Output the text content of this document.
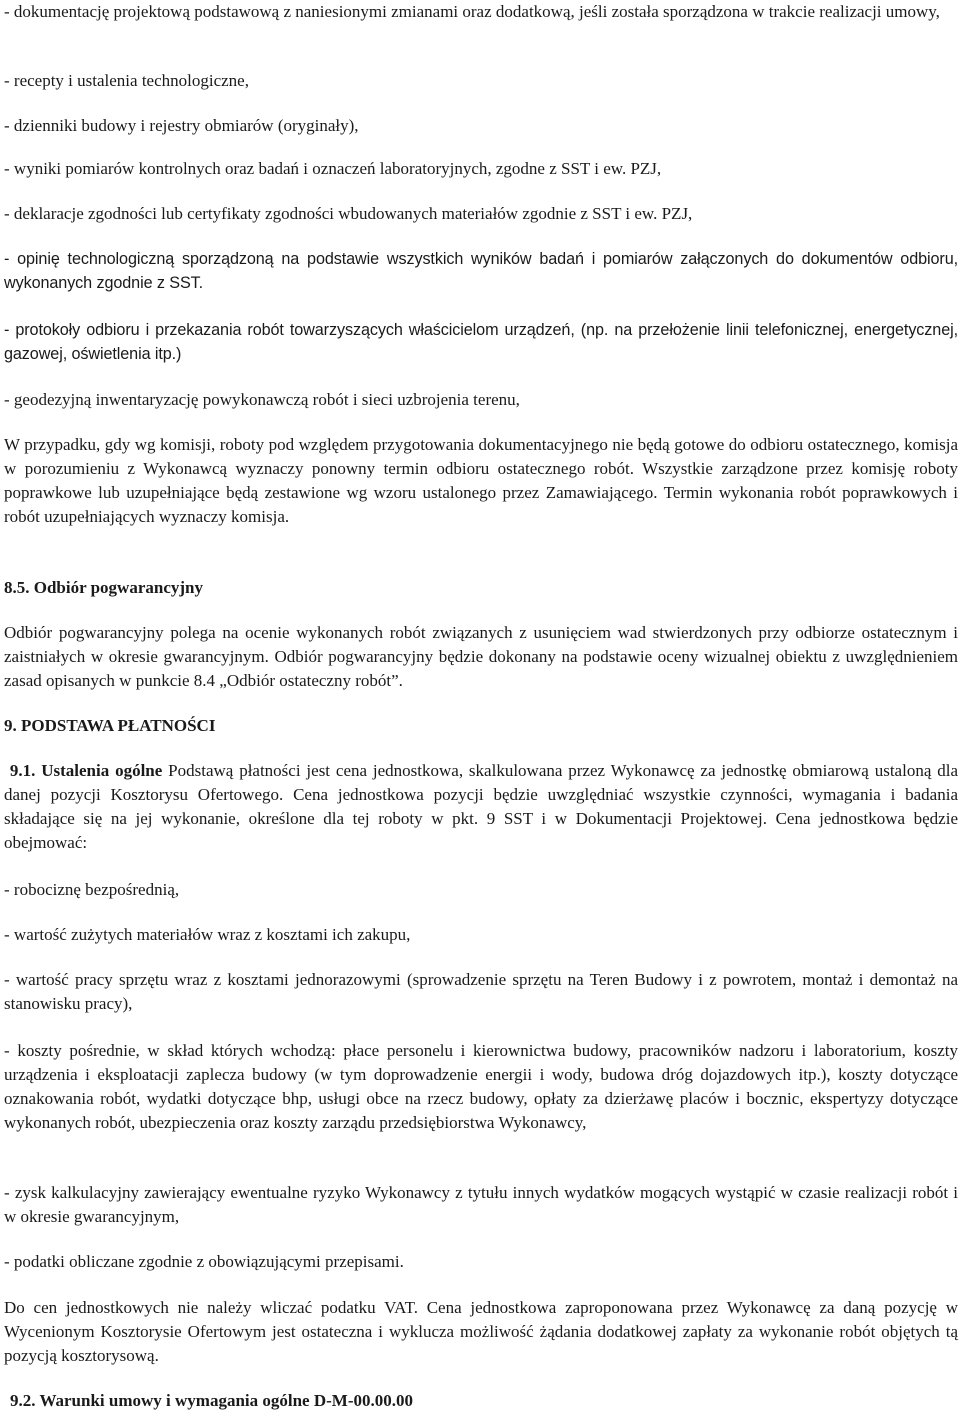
- dokumentację projektową podstawową z naniesionymi zmianami oraz dodatkową, jeśli została sporządzona w trakcie realizacji umowy,

- recepty i ustalenia technologiczne,

- dzienniki budowy i rejestry obmiarów (oryginały),

- wyniki pomiarów kontrolnych oraz badań i oznaczeń laboratoryjnych, zgodne z SST i ew. PZJ,

- deklaracje zgodności lub certyfikaty zgodności wbudowanych materiałów zgodnie z SST i ew. PZJ,

- opinię technologiczną sporządzoną na podstawie wszystkich wyników badań i pomiarów załączonych do dokumentów odbioru, wykonanych zgodnie z SST.

- protokoły odbioru i przekazania robót towarzyszących właścicielom urządzeń, (np. na przełożenie linii telefonicznej, energetycznej, gazowej, oświetlenia itp.)

- geodezyjną inwentaryzację powykonawczą robót i sieci uzbrojenia terenu,

W przypadku, gdy wg komisji, roboty pod względem przygotowania dokumentacyjnego nie będą gotowe do odbioru ostatecznego, komisja w porozumieniu z Wykonawcą wyznaczy ponowny termin odbioru ostatecznego robót. Wszystkie zarządzone przez komisję roboty poprawkowe lub uzupełniające będą zestawione wg wzoru ustalonego przez Zamawiającego. Termin wykonania robót poprawkowych i robót uzupełniających wyznaczy komisja.

8.5. Odbiór pogwarancyjny

Odbiór pogwarancyjny polega na ocenie wykonanych robót związanych z usunięciem wad stwierdzonych przy odbiorze ostatecznym i zaistniałych w okresie gwarancyjnym. Odbiór pogwarancyjny będzie dokonany na podstawie oceny wizualnej obiektu z uwzględnieniem zasad opisanych w punkcie 8.4 „Odbiór ostateczny robót”.

9. PODSTAWA PŁATNOŚCI

9.1. Ustalenia ogólne Podstawą płatności jest cena jednostkowa, skalkulowana przez Wykonawcę za jednostkę obmiarową ustaloną dla danej pozycji Kosztorysu Ofertowego. Cena jednostkowa pozycji będzie uwzględniać wszystkie czynności, wymagania i badania składające się na jej wykonanie, określone dla tej roboty w pkt. 9 SST i w Dokumentacji Projektowej. Cena jednostkowa będzie obejmować:

- robociznę bezpośrednią,

- wartość zużytych materiałów wraz z kosztami ich zakupu,

- wartość pracy sprzętu wraz z kosztami jednorazowymi (sprowadzenie sprzętu na Teren Budowy i z powrotem, montaż i demontaż na stanowisku pracy),

- koszty pośrednie, w skład których wchodzą: płace personelu i kierownictwa budowy, pracowników nadzoru i laboratorium, koszty urządzenia i eksploatacji zaplecza budowy (w tym doprowadzenie energii i wody, budowa dróg dojazdowych itp.), koszty dotyczące oznakowania robót, wydatki dotyczące bhp, usługi obce na rzecz budowy, opłaty za dzierżawę placów i bocznic, ekspertyzy dotyczące wykonanych robót, ubezpieczenia oraz koszty zarządu przedsiębiorstwa Wykonawcy,

- zysk kalkulacyjny zawierający ewentualne ryzyko Wykonawcy z tytułu innych wydatków mogących wystąpić w czasie realizacji robót i w okresie gwarancyjnym,

- podatki obliczane zgodnie z obowiązującymi przepisami.

Do cen jednostkowych nie należy wliczać podatku VAT. Cena jednostkowa zaproponowana przez Wykonawcę za daną pozycję w Wycenionym Kosztorysie Ofertowym jest ostateczna i wyklucza możliwość żądania dodatkowej zapłaty za wykonanie robót objętych tą pozycją kosztorysową.

9.2. Warunki umowy i wymagania ogólne D-M-00.00.00
